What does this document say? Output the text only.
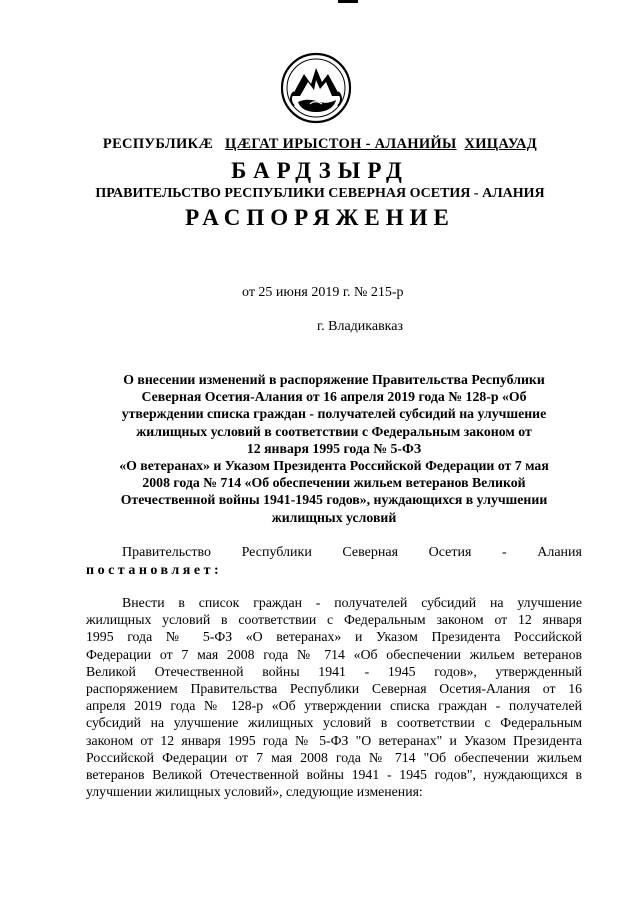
РЕСПУБЛИКӔ ЦӔГАТ ИРЫСТОН - АЛАНИЙЫ ХИЦАУАД
БАРДЗЫРД
ПРАВИТЕЛЬСТВО РЕСПУБЛИКИ СЕВЕРНАЯ ОСЕТИЯ - АЛАНИЯ
РАСПОРЯЖЕНИЕ
от 25 июня 2019 г. № 215-р
г. Владикавказ
О внесении изменений в распоряжение Правительства Республики
Северная Осетия-Алания от 16 апреля 2019 года № 128-р «Об
утверждении списка граждан - получателей субсидий на улучшение
жилищных условий в соответствии с Федеральным законом от
12 января 1995 года № 5-ФЗ
«О ветеранах» и Указом Президента Российской Федерации от 7 мая
2008 года № 714 «Об обеспечении жильем ветеранов Великой
Отечественной войны 1941-1945 годов», нуждающихся в улучшении
жилищных условий
Правительство Республики Северная Осетия - Алания
постановляет:
Внести в список граждан - получателей субсидий на улучшение
жилищных условий в соответствии с Федеральным законом от 12 января
1995 года № 5-ФЗ «О ветеранах» и Указом Президента Российской
Федерации от 7 мая 2008 года № 714 «Об обеспечении жильем ветеранов
Великой Отечественной войны 1941 - 1945 годов», утвержденный
распоряжением Правительства Республики Северная Осетия-Алания от 16
апреля 2019 года № 128-р «Об утверждении списка граждан - получателей
субсидий на улучшение жилищных условий в соответствии с Федеральным
законом от 12 января 1995 года № 5-ФЗ "О ветеранах" и Указом Президента
Российской Федерации от 7 мая 2008 года № 714 "Об обеспечении жильем
ветеранов Великой Отечественной войны 1941 - 1945 годов", нуждающихся в
улучшении жилищных условий», следующие изменения:
